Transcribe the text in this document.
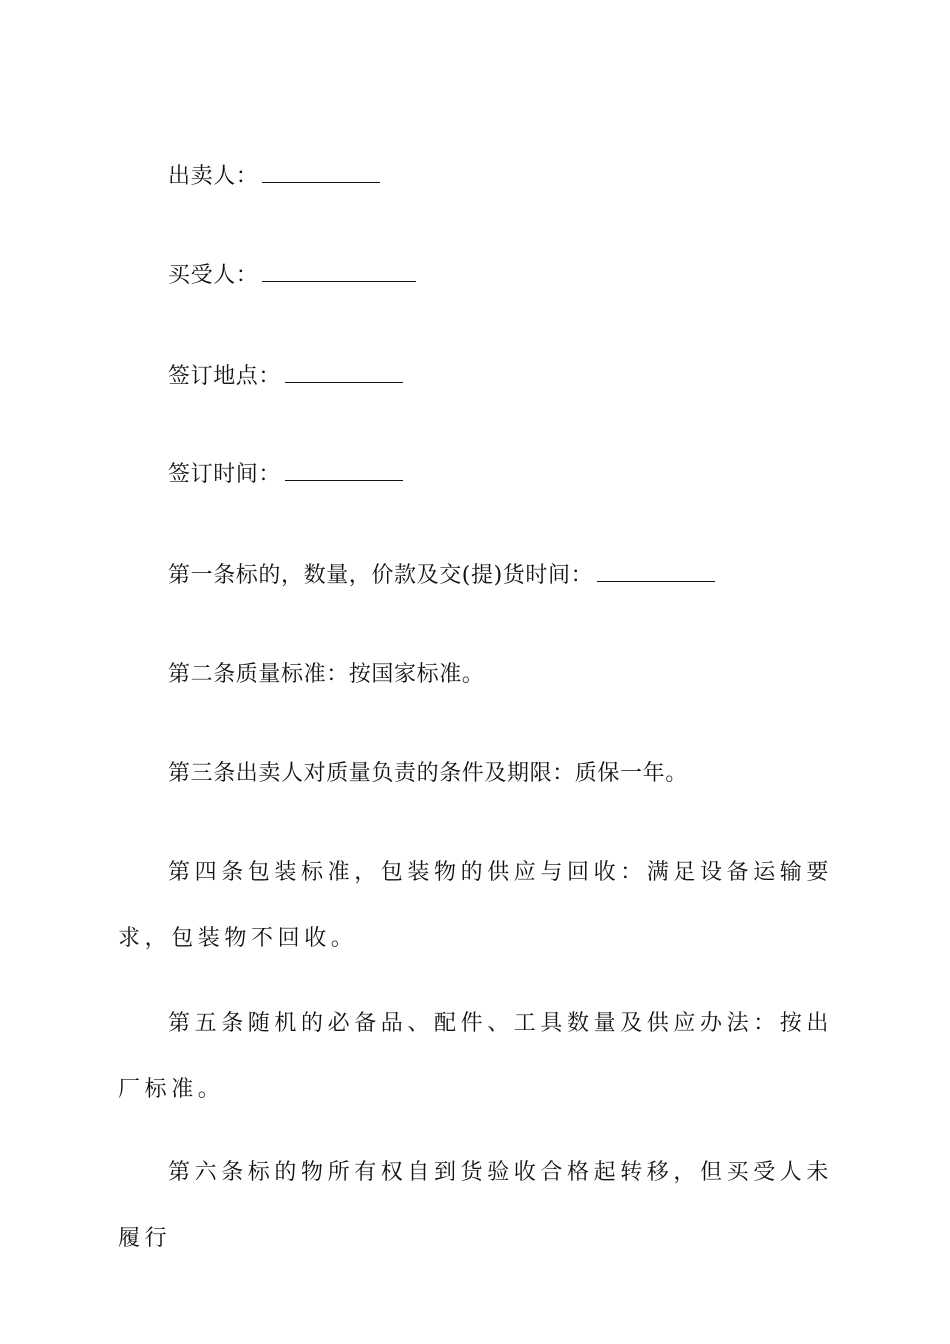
出卖人：
买受人：
签订地点：
签订时间：
第一条标的，数量，价款及交(提)货时间：
第二条质量标准：按国家标准。
第三条出卖人对质量负责的条件及期限：质保一年。
第四条包装标准，包装物的供应与回收：满足设备运输要求，包装物不回收。
第五条随机的必备品、配件、工具数量及供应办法：按出厂标准。
第六条标的物所有权自到货验收合格起转移，但买受人未履行
